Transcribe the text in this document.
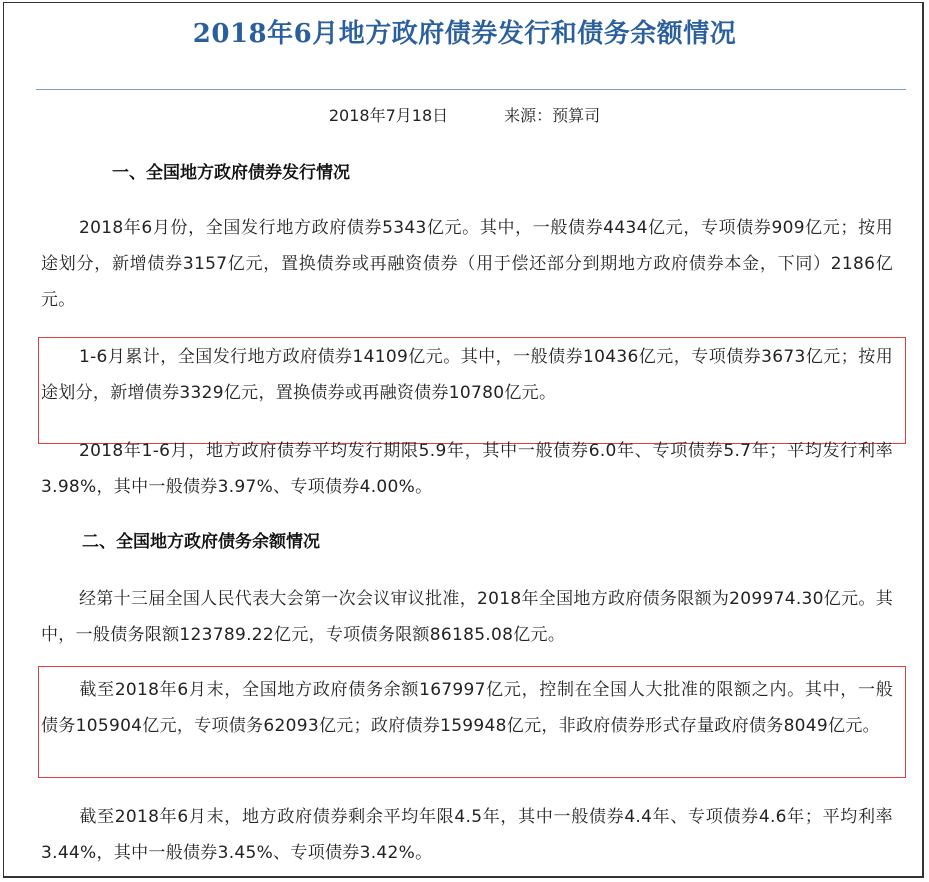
2018年6月地方政府债券发行和债务余额情况
2018年7月18日	来源：预算司
一、全国地方政府债券发行情况
2018年6月份，全国发行地方政府债券5343亿元。其中，一般债券4434亿元，专项债券909亿元；按用途划分，新增债券3157亿元，置换债券或再融资债券（用于偿还部分到期地方政府债券本金，下同）2186亿元。
1-6月累计，全国发行地方政府债券14109亿元。其中，一般债券10436亿元，专项债券3673亿元；按用途划分，新增债券3329亿元，置换债券或再融资债券10780亿元。
2018年1-6月，地方政府债券平均发行期限5.9年，其中一般债券6.0年、专项债券5.7年；平均发行利率3.98%，其中一般债券3.97%、专项债券4.00%。
二、全国地方政府债务余额情况
经第十三届全国人民代表大会第一次会议审议批准，2018年全国地方政府债务限额为209974.30亿元。其中，一般债务限额123789.22亿元，专项债务限额86185.08亿元。
截至2018年6月末，全国地方政府债务余额167997亿元，控制在全国人大批准的限额之内。其中，一般债务105904亿元，专项债务62093亿元；政府债券159948亿元，非政府债券形式存量政府债务8049亿元。
截至2018年6月末，地方政府债券剩余平均年限4.5年，其中一般债券4.4年、专项债券4.6年；平均利率3.44%，其中一般债券3.45%、专项债券3.42%。
